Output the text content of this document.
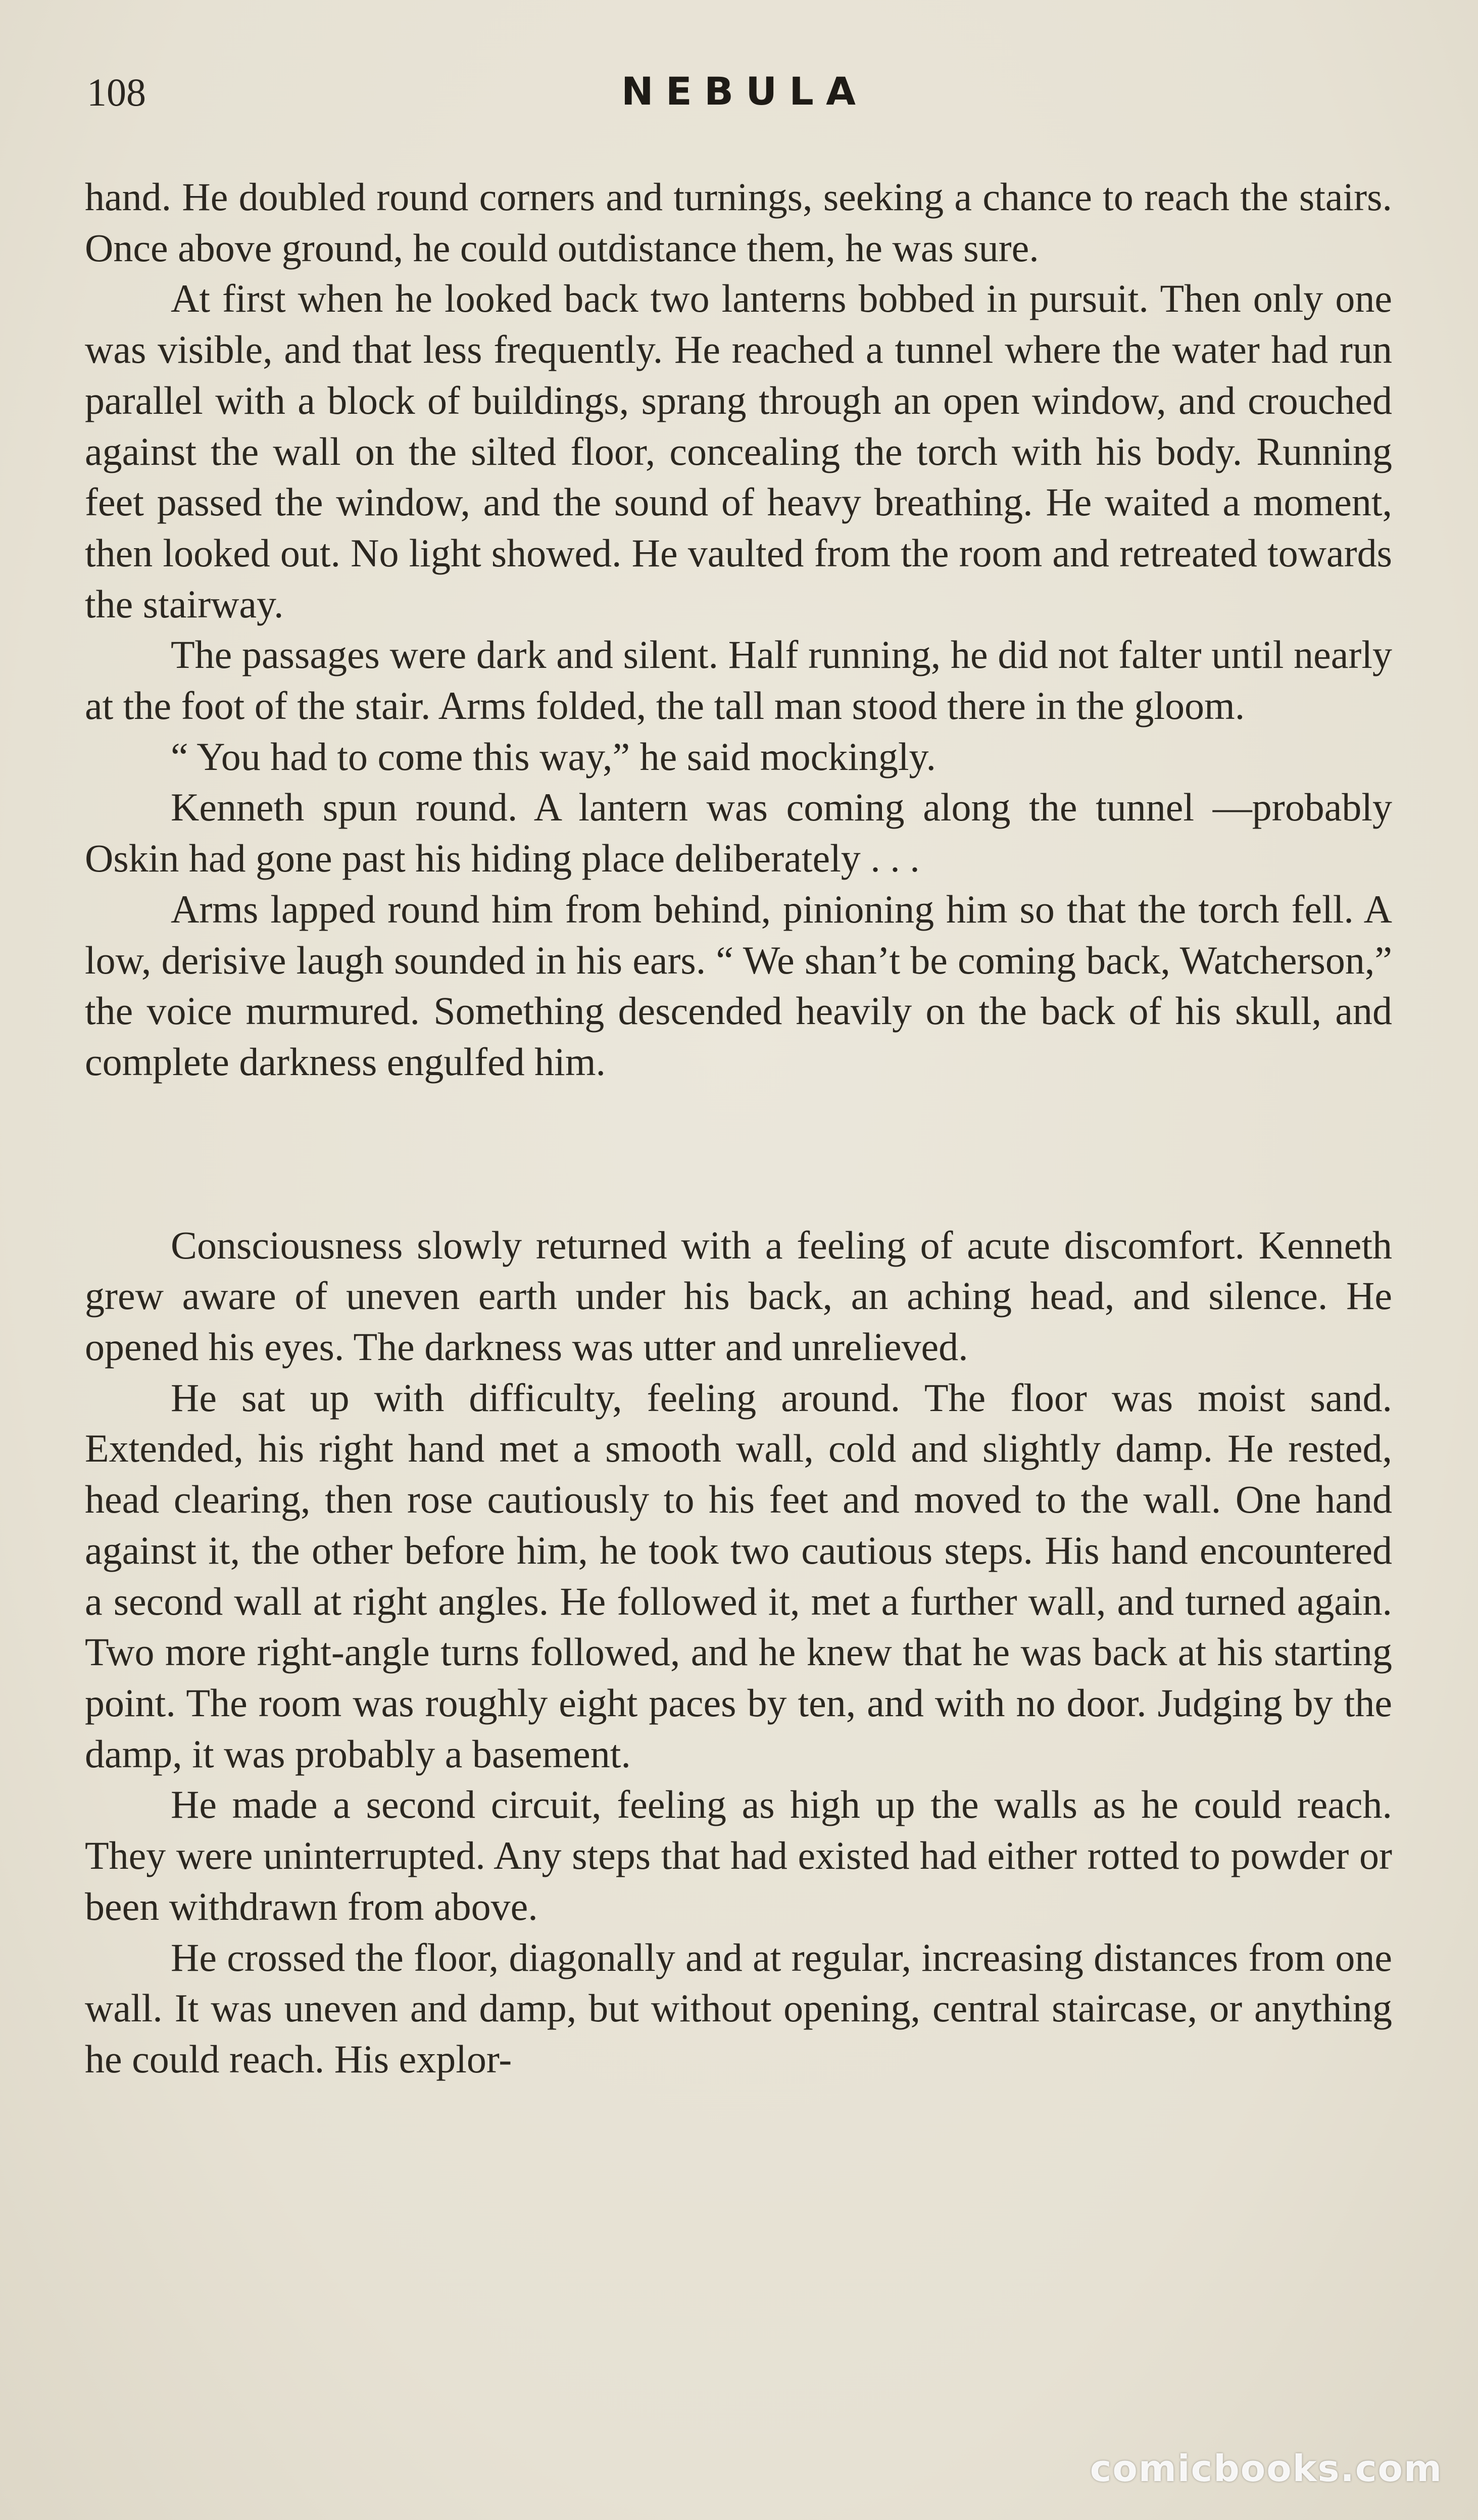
108	NEBULA

hand. He doubled round corners and turnings, seeking a chance to reach the stairs. Once above ground, he could outdistance them, he was sure.

At first when he looked back two lanterns bobbed in pursuit. Then only one was visible, and that less frequently. He reached a tunnel where the water had run parallel with a block of buildings, sprang through an open window, and crouched against the wall on the silted floor, concealing the torch with his body. Running feet passed the window, and the sound of heavy breathing. He waited a moment, then looked out. No light showed. He vaulted from the room and retreated towards the stairway.

The passages were dark and silent. Half running, he did not falter until nearly at the foot of the stair. Arms folded, the tall man stood there in the gloom.

“ You had to come this way,” he said mockingly.

Kenneth spun round. A lantern was coming along the tunnel —probably Oskin had gone past his hiding place deliberately . . .

Arms lapped round him from behind, pinioning him so that the torch fell. A low, derisive laugh sounded in his ears. “ We shan’t be coming back, Watcherson,” the voice murmured. Something descended heavily on the back of his skull, and complete darkness engulfed him.

Consciousness slowly returned with a feeling of acute discomfort. Kenneth grew aware of uneven earth under his back, an aching head, and silence. He opened his eyes. The darkness was utter and unrelieved.

He sat up with difficulty, feeling around. The floor was moist sand. Extended, his right hand met a smooth wall, cold and slightly damp. He rested, head clearing, then rose cautiously to his feet and moved to the wall. One hand against it, the other before him, he took two cautious steps. His hand encountered a second wall at right angles. He followed it, met a further wall, and turned again. Two more right-angle turns followed, and he knew that he was back at his starting point. The room was roughly eight paces by ten, and with no door. Judging by the damp, it was probably a basement.

He made a second circuit, feeling as high up the walls as he could reach. They were uninterrupted. Any steps that had existed had either rotted to powder or been withdrawn from above.

He crossed the floor, diagonally and at regular, increasing distances from one wall. It was uneven and damp, but without opening, central staircase, or anything he could reach. His explor-

comicbooks.com
